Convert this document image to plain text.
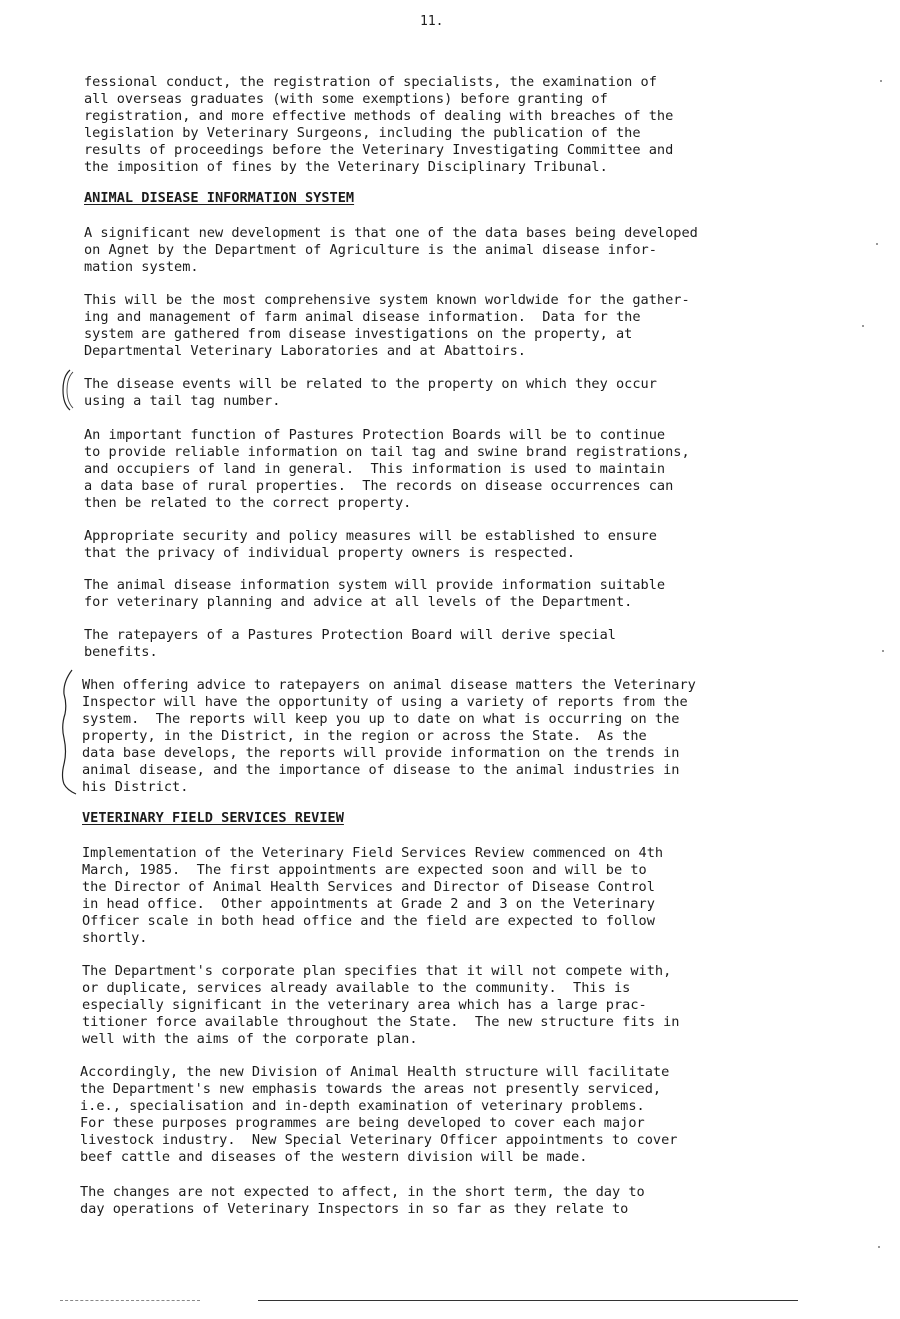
11.
fessional conduct, the registration of specialists, the examination of
all overseas graduates (with some exemptions) before granting of
registration, and more effective methods of dealing with breaches of the
legislation by Veterinary Surgeons, including the publication of the
results of proceedings before the Veterinary Investigating Committee and
the imposition of fines by the Veterinary Disciplinary Tribunal.
ANIMAL DISEASE INFORMATION SYSTEM
A significant new development is that one of the data bases being developed
on Agnet by the Department of Agriculture is the animal disease infor-
mation system.
This will be the most comprehensive system known worldwide for the gather-
ing and management of farm animal disease information.  Data for the
system are gathered from disease investigations on the property, at
Departmental Veterinary Laboratories and at Abattoirs.
The disease events will be related to the property on which they occur
using a tail tag number.
An important function of Pastures Protection Boards will be to continue
to provide reliable information on tail tag and swine brand registrations,
and occupiers of land in general.  This information is used to maintain
a data base of rural properties.  The records on disease occurrences can
then be related to the correct property.
Appropriate security and policy measures will be established to ensure
that the privacy of individual property owners is respected.
The animal disease information system will provide information suitable
for veterinary planning and advice at all levels of the Department.
The ratepayers of a Pastures Protection Board will derive special
benefits.
When offering advice to ratepayers on animal disease matters the Veterinary
Inspector will have the opportunity of using a variety of reports from the
system.  The reports will keep you up to date on what is occurring on the
property, in the District, in the region or across the State.  As the
data base develops, the reports will provide information on the trends in
animal disease, and the importance of disease to the animal industries in
his District.
VETERINARY FIELD SERVICES REVIEW
Implementation of the Veterinary Field Services Review commenced on 4th
March, 1985.  The first appointments are expected soon and will be to
the Director of Animal Health Services and Director of Disease Control
in head office.  Other appointments at Grade 2 and 3 on the Veterinary
Officer scale in both head office and the field are expected to follow
shortly.
The Department's corporate plan specifies that it will not compete with,
or duplicate, services already available to the community.  This is
especially significant in the veterinary area which has a large prac-
titioner force available throughout the State.  The new structure fits in
well with the aims of the corporate plan.
Accordingly, the new Division of Animal Health structure will facilitate
the Department's new emphasis towards the areas not presently serviced,
i.e., specialisation and in-depth examination of veterinary problems.
For these purposes programmes are being developed to cover each major
livestock industry.  New Special Veterinary Officer appointments to cover
beef cattle and diseases of the western division will be made.
The changes are not expected to affect, in the short term, the day to
day operations of Veterinary Inspectors in so far as they relate to
